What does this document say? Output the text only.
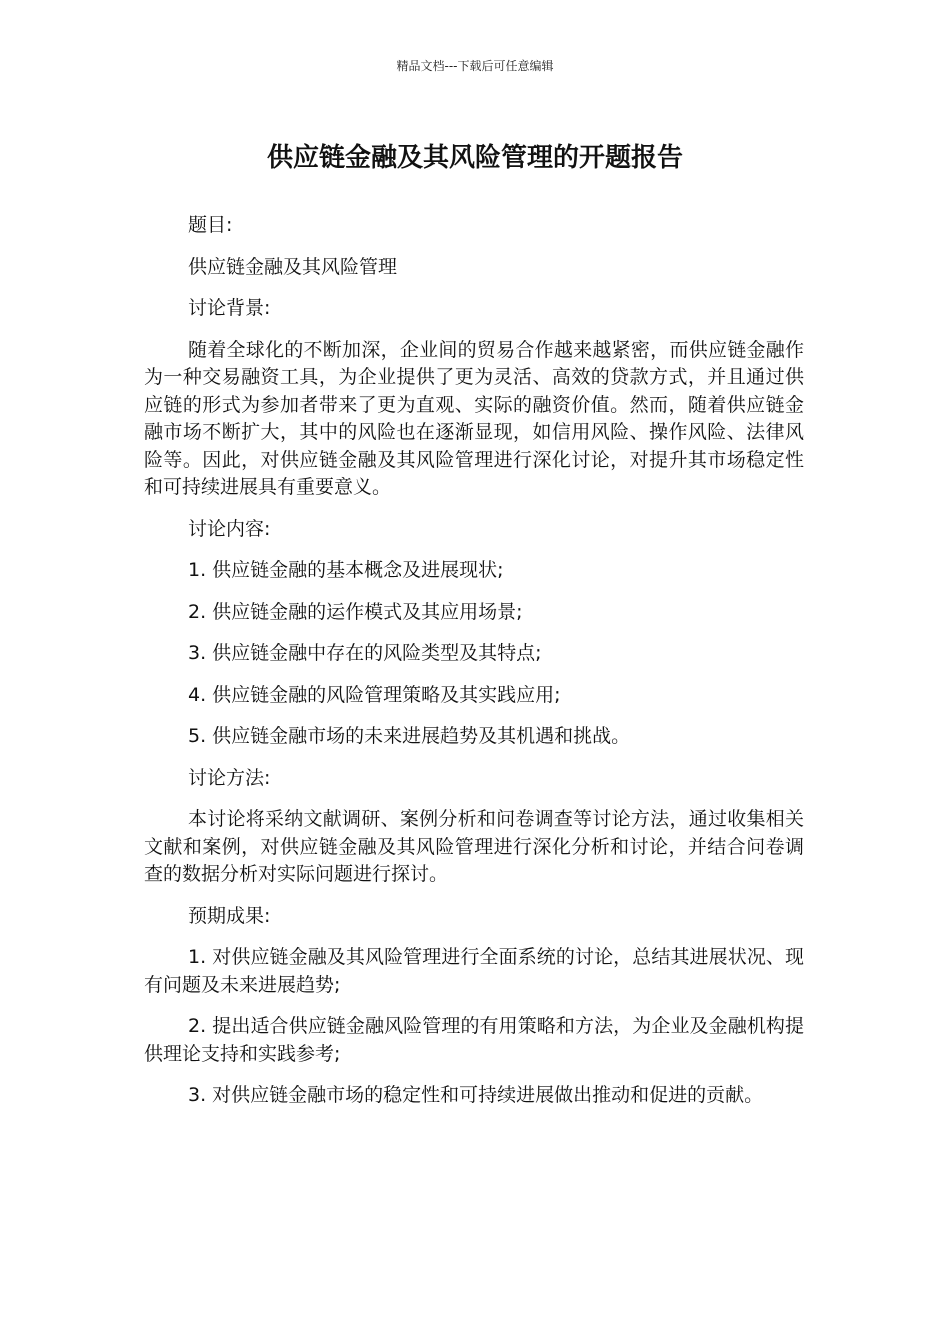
精品文档---下载后可任意编辑
供应链金融及其风险管理的开题报告

题目:

供应链金融及其风险管理

讨论背景:

随着全球化的不断加深，企业间的贸易合作越来越紧密，而供应链金融作为一种交易融资工具，为企业提供了更为灵活、高效的贷款方式，并且通过供应链的形式为参加者带来了更为直观、实际的融资价值。然而，随着供应链金融市场不断扩大，其中的风险也在逐渐显现，如信用风险、操作风险、法律风险等。因此，对供应链金融及其风险管理进行深化讨论，对提升其市场稳定性和可持续进展具有重要意义。

讨论内容:

1. 供应链金融的基本概念及进展现状;

2. 供应链金融的运作模式及其应用场景;

3. 供应链金融中存在的风险类型及其特点;

4. 供应链金融的风险管理策略及其实践应用;

5. 供应链金融市场的未来进展趋势及其机遇和挑战。

讨论方法:

本讨论将采纳文献调研、案例分析和问卷调查等讨论方法，通过收集相关文献和案例，对供应链金融及其风险管理进行深化分析和讨论，并结合问卷调查的数据分析对实际问题进行探讨。

预期成果:

1. 对供应链金融及其风险管理进行全面系统的讨论，总结其进展状况、现有问题及未来进展趋势;

2. 提出适合供应链金融风险管理的有用策略和方法，为企业及金融机构提供理论支持和实践参考;

3. 对供应链金融市场的稳定性和可持续进展做出推动和促进的贡献。
